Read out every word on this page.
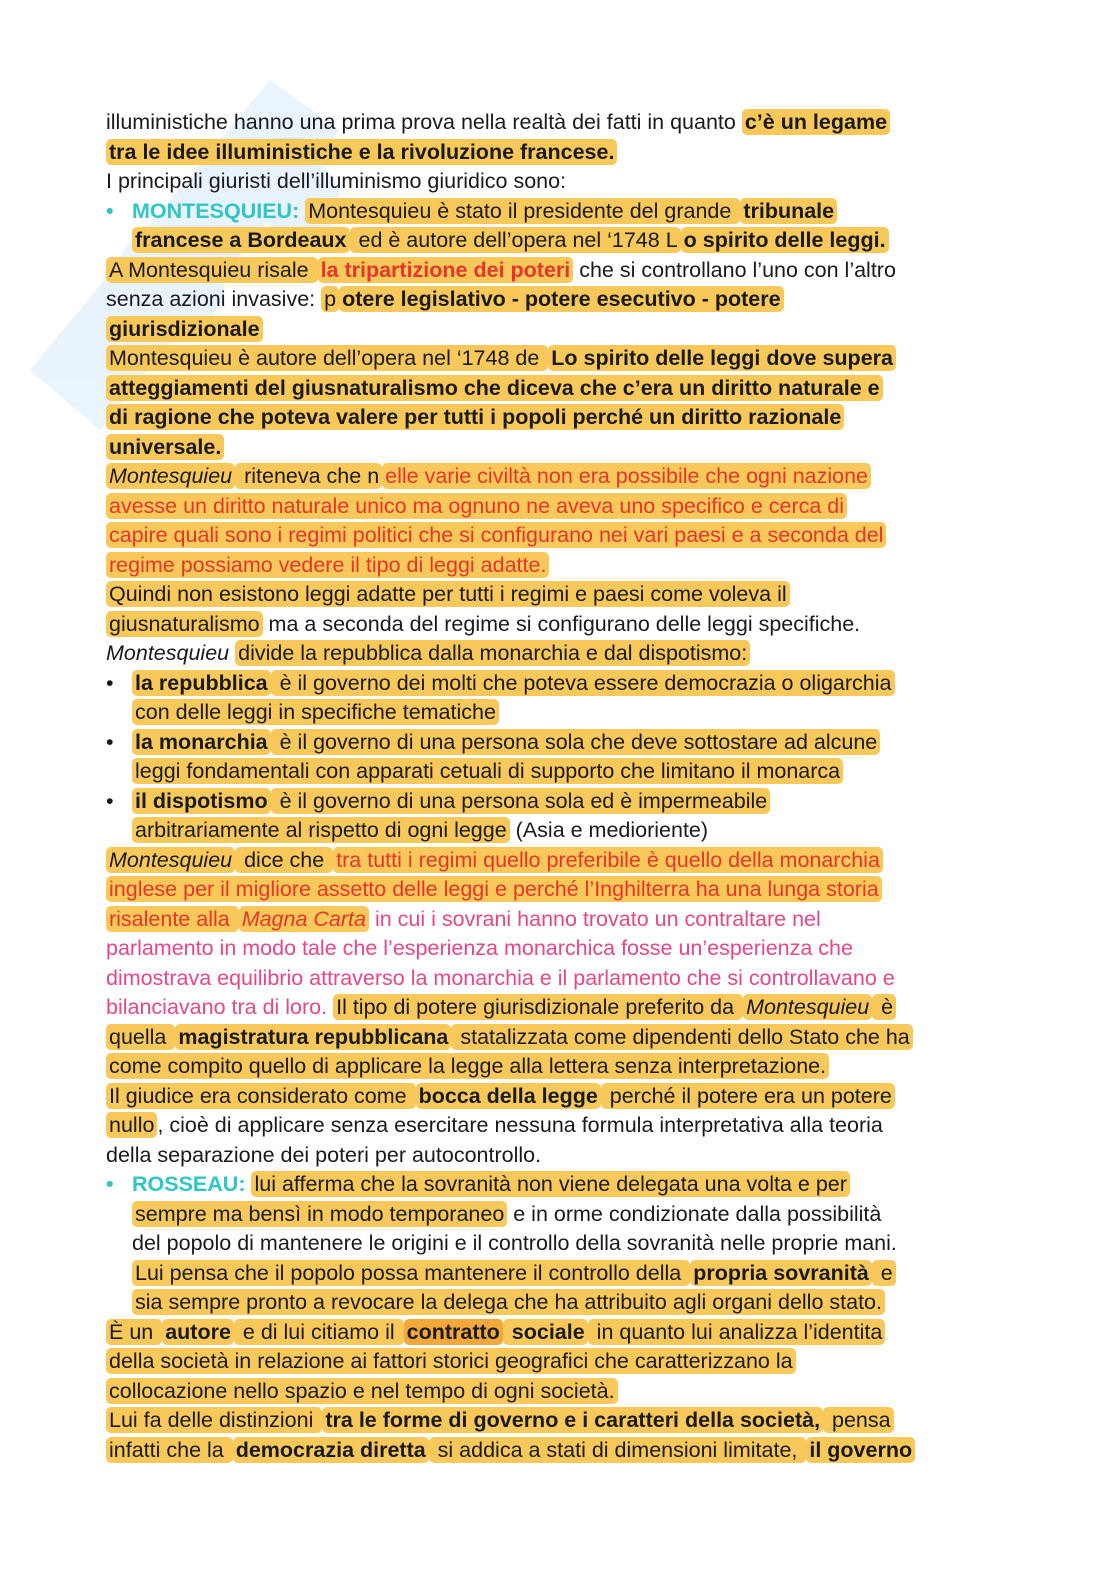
illuministiche hanno una prima prova nella realtà dei fatti in quanto c’è un legame
tra le idee illuministiche e la rivoluzione francese.
I principali giuristi dell’illuminismo giuridico sono:
• MONTESQUIEU: Montesquieu è stato il presidente del grande tribunale
francese a Bordeaux ed è autore dell’opera nel ‘1748 L o spirito delle leggi.
A Montesquieu risale la tripartizione dei poteri che si controllano l’uno con l’altro
senza azioni invasive: p otere legislativo - potere esecutivo - potere
giurisdizionale
Montesquieu è autore dell’opera nel ‘1748 de Lo spirito delle leggi dove supera
atteggiamenti del giusnaturalismo che diceva che c’era un diritto naturale e
di ragione che poteva valere per tutti i popoli perché un diritto razionale
universale.
Montesquieu riteneva che n elle varie civiltà non era possibile che ogni nazione
avesse un diritto naturale unico ma ognuno ne aveva uno specifico e cerca di
capire quali sono i regimi politici che si configurano nei vari paesi e a seconda del
regime possiamo vedere il tipo di leggi adatte.
Quindi non esistono leggi adatte per tutti i regimi e paesi come voleva il
giusnaturalismo ma a seconda del regime si configurano delle leggi specifiche.
Montesquieu divide la repubblica dalla monarchia e dal dispotismo:
• la repubblica è il governo dei molti che poteva essere democrazia o oligarchia
con delle leggi in specifiche tematiche
• la monarchia è il governo di una persona sola che deve sottostare ad alcune
leggi fondamentali con apparati cetuali di supporto che limitano il monarca
• il dispotismo è il governo di una persona sola ed è impermeabile
arbitrariamente al rispetto di ogni legge (Asia e medioriente)
Montesquieu dice che tra tutti i regimi quello preferibile è quello della monarchia
inglese per il migliore assetto delle leggi e perché l’Inghilterra ha una lunga storia
risalente alla Magna Carta in cui i sovrani hanno trovato un contraltare nel
parlamento in modo tale che l’esperienza monarchica fosse un’esperienza che
dimostrava equilibrio attraverso la monarchia e il parlamento che si controllavano e
bilanciavano tra di loro. Il tipo di potere giurisdizionale preferito da Montesquieu è
quella magistratura repubblicana statalizzata come dipendenti dello Stato che ha
come compito quello di applicare la legge alla lettera senza interpretazione.
Il giudice era considerato come bocca della legge perché il potere era un potere
nullo , cioè di applicare senza esercitare nessuna formula interpretativa alla teoria
della separazione dei poteri per autocontrollo.
• ROSSEAU: lui afferma che la sovranità non viene delegata una volta e per
sempre ma bensì in modo temporaneo e in orme condizionate dalla possibilità
del popolo di mantenere le origini e il controllo della sovranità nelle proprie mani.
Lui pensa che il popolo possa mantenere il controllo della propria sovranità e
sia sempre pronto a revocare la delega che ha attribuito agli organi dello stato.
È un autore e di lui citiamo il contratto sociale in quanto lui analizza l’identita
della società in relazione ai fattori storici geografici che caratterizzano la
collocazione nello spazio e nel tempo di ogni società.
Lui fa delle distinzioni tra le forme di governo e i caratteri della società, pensa
infatti che la democrazia diretta si addica a stati di dimensioni limitate, il governo
